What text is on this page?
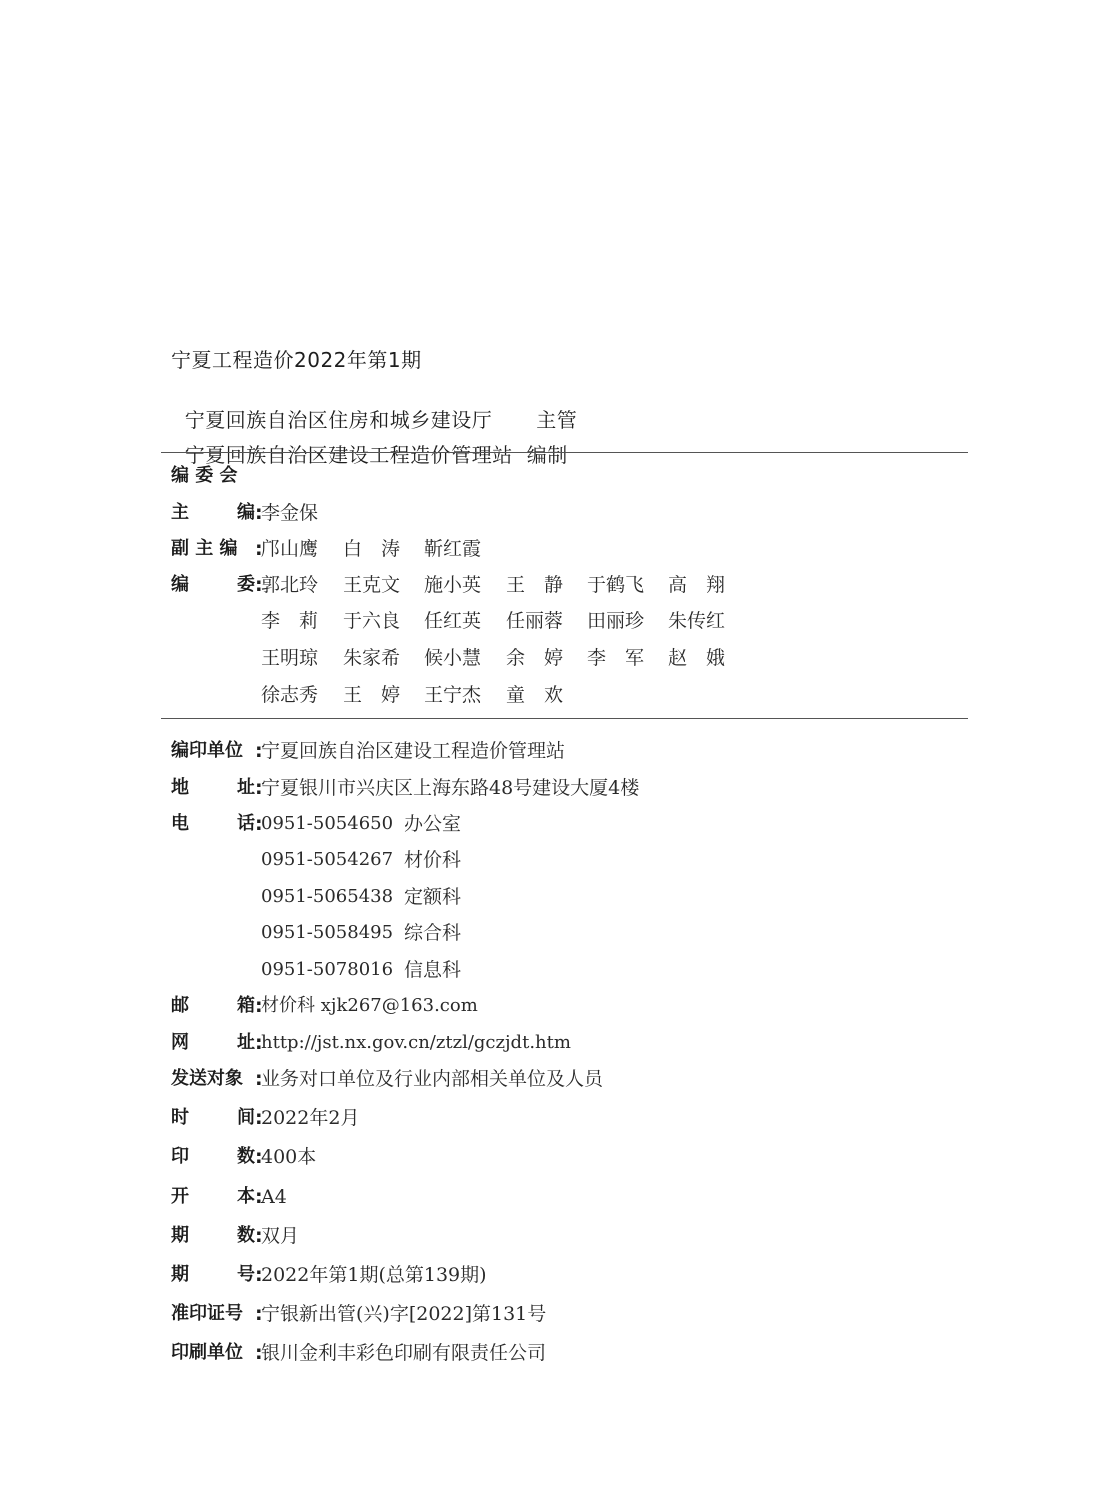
宁夏工程造价2022年第1期

宁夏回族自治区住房和城乡建设厅 主管

宁夏回族自治区建设工程造价管理站 编制

编 委 会
主	编 :李金保
副 主 编 :
邝山鹰 白　涛 靳红霞
编	委 :
郭北玲 王克文 施小英 王　静 于鹤飞 高　翔
李　莉 于六良 任红英 任丽蓉 田丽珍 朱传红
王明琼 朱家希 候小慧 余　婷 李　军 赵　娥
徐志秀 王　婷 王宁杰 童　欢
编印单位 :宁夏回族自治区建设工程造价管理站
地	址 :宁夏银川市兴庆区上海东路48号建设大厦4楼
电	话 :
0951-5054650 办公室
0951-5054267 材价科
0951-5065438 定额科
0951-5058495 综合科
0951-5078016 信息科
邮	箱 :材价科 xjk267@163.com
网	址 :http://jst.nx.gov.cn/ztzl/gczjdt.htm
发送对象 :业务对口单位及行业内部相关单位及人员
时	间 :2022年2月
印	数 :400本
开	本 :A4
期	数 :双月
期	号 :2022年第1期(总第139期)
准印证号 :宁银新出管(兴)字[2022]第131号
印刷单位 :银川金利丰彩色印刷有限责任公司
